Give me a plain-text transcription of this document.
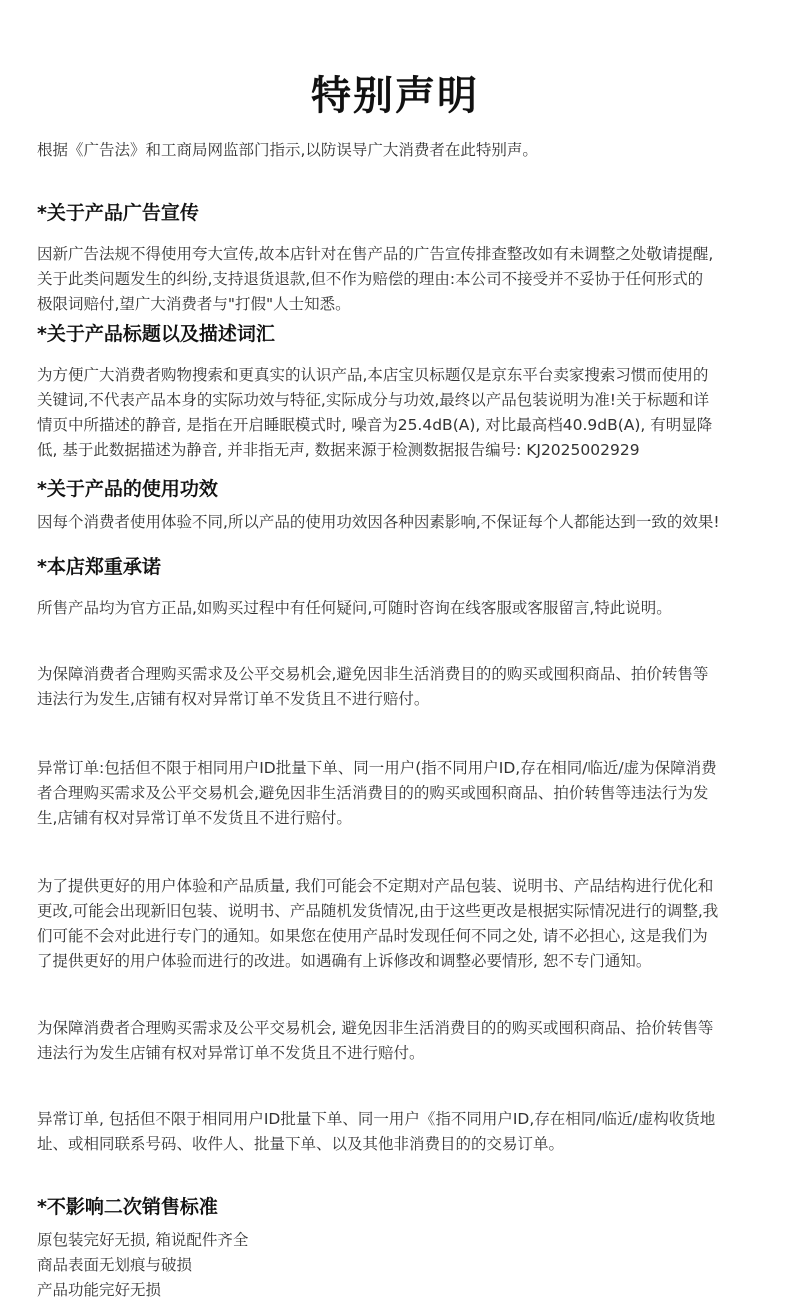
特别声明

根据《广告法》和工商局网监部门指示,以防误导广大消费者在此特别声。

*关于产品广告宣传
因新广告法规不得使用夸大宣传,故本店针对在售产品的广告宣传排查整改如有未调整之处敬请提醒,
关于此类问题发生的纠纷,支持退货退款,但不作为赔偿的理由:本公司不接受并不妥协于任何形式的
极限词赔付,望广大消费者与"打假"人士知悉。
*关于产品标题以及描述词汇
为方便广大消费者购物搜索和更真实的认识产品,本店宝贝标题仅是京东平台卖家搜索习惯而使用的
关键词,不代表产品本身的实际功效与特征,实际成分与功效,最终以产品包装说明为准!关于标题和详
情页中所描述的静音, 是指在开启睡眠模式时, 噪音为25.4dB(A), 对比最高档40.9dB(A), 有明显降
低, 基于此数据描述为静音, 并非指无声, 数据来源于检测数据报告编号: KJ2025002929
*关于产品的使用功效
因每个消费者使用体验不同,所以产品的使用功效因各种因素影响,不保证每个人都能达到一致的效果!
*本店郑重承诺
所售产品均为官方正品,如购买过程中有任何疑问,可随时咨询在线客服或客服留言,特此说明。
为保障消费者合理购买需求及公平交易机会,避免因非生活消费目的的购买或囤积商品、拍价转售等
违法行为发生,店铺有权对异常订单不发货且不进行赔付。
异常订单:包括但不限于相同用户ID批量下单、同一用户(指不同用户ID,存在相同/临近/虚为保障消费
者合理购买需求及公平交易机会,避免因非生活消费目的的购买或囤积商品、拍价转售等违法行为发
生,店铺有权对异常订单不发货且不进行赔付。
为了提供更好的用户体验和产品质量, 我们可能会不定期对产品包装、说明书、产品结构进行优化和
更改,可能会出现新旧包装、说明书、产品随机发货情况,由于这些更改是根据实际情况进行的调整,我
们可能不会对此进行专门的通知。如果您在使用产品时发现任何不同之处, 请不必担心, 这是我们为
了提供更好的用户体验而进行的改进。如遇确有上诉修改和调整必要情形, 恕不专门通知。
为保障消费者合理购买需求及公平交易机会, 避免因非生活消费目的的购买或囤积商品、拾价转售等
违法行为发生店铺有权对异常订单不发货且不进行赔付。
异常订单, 包括但不限于相同用户ID批量下单、同一用户《指不同用户ID,存在相同/临近/虚构收货地
址、或相同联系号码、收件人、批量下单、以及其他非消费目的的交易订单。
*不影响二次销售标准
原包装完好无损, 箱说配件齐全
商品表面无划痕与破损
产品功能完好无损
